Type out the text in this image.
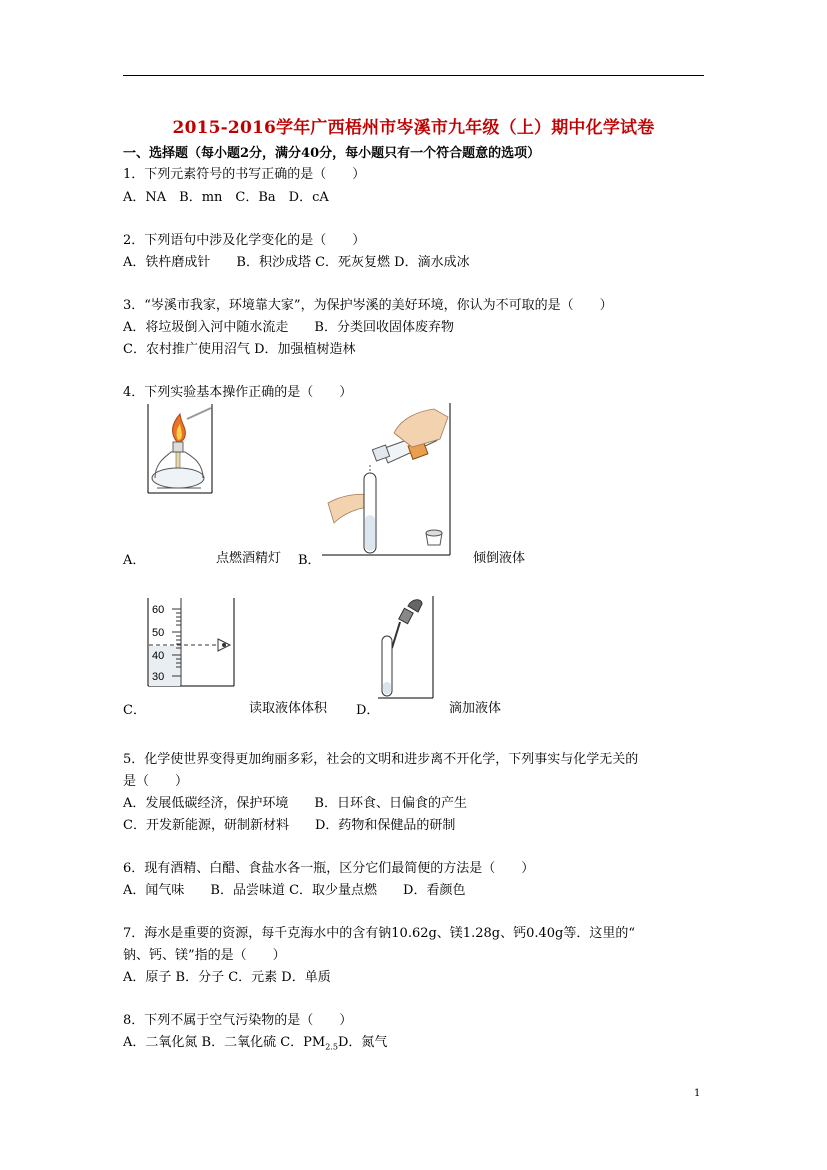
2015-2016学年广西梧州市岑溪市九年级（上）期中化学试卷
一、选择题（每小题2分，满分40分，每小题只有一个符合题意的选项）
1．下列元素符号的书写正确的是（　　）
A．NA　B．mn　C．Ba　D．cA
2．下列语句中涉及化学变化的是（　　）
A．铁杵磨成针　　B．积沙成塔 C．死灰复燃 D．滴水成冰
3．“岑溪市我家，环境靠大家”，为保护岑溪的美好环境，你认为不可取的是（　　）
A．将垃圾倒入河中随水流走　　B．分类回收固体废弃物
C．农村推广使用沼气 D．加强植树造林
4．下列实验基本操作正确的是（　　）
A．	点燃酒精灯 B．	倾倒液体
60
50
40
30
C．	读取液体体积 D．	滴加液体
5．化学使世界变得更加绚丽多彩，社会的文明和进步离不开化学，下列事实与化学无关的
是（　　）
A．发展低碳经济，保护环境　　B．日环食、日偏食的产生
C．开发新能源，研制新材料　　D．药物和保健品的研制
6．现有酒精、白醋、食盐水各一瓶，区分它们最简便的方法是（　　）
A．闻气味　　B．品尝味道 C．取少量点燃　　D．看颜色
7．海水是重要的资源，每千克海水中的含有钠10.62g、镁1.28g、钙0.40g等．这里的“
钠、钙、镁”指的是（　　）
A．原子 B．分子 C．元素 D．单质
8．下列不属于空气污染物的是（　　）
A．二氧化氮 B．二氧化硫 C．$PM_{2.5}D$．氮气
1
